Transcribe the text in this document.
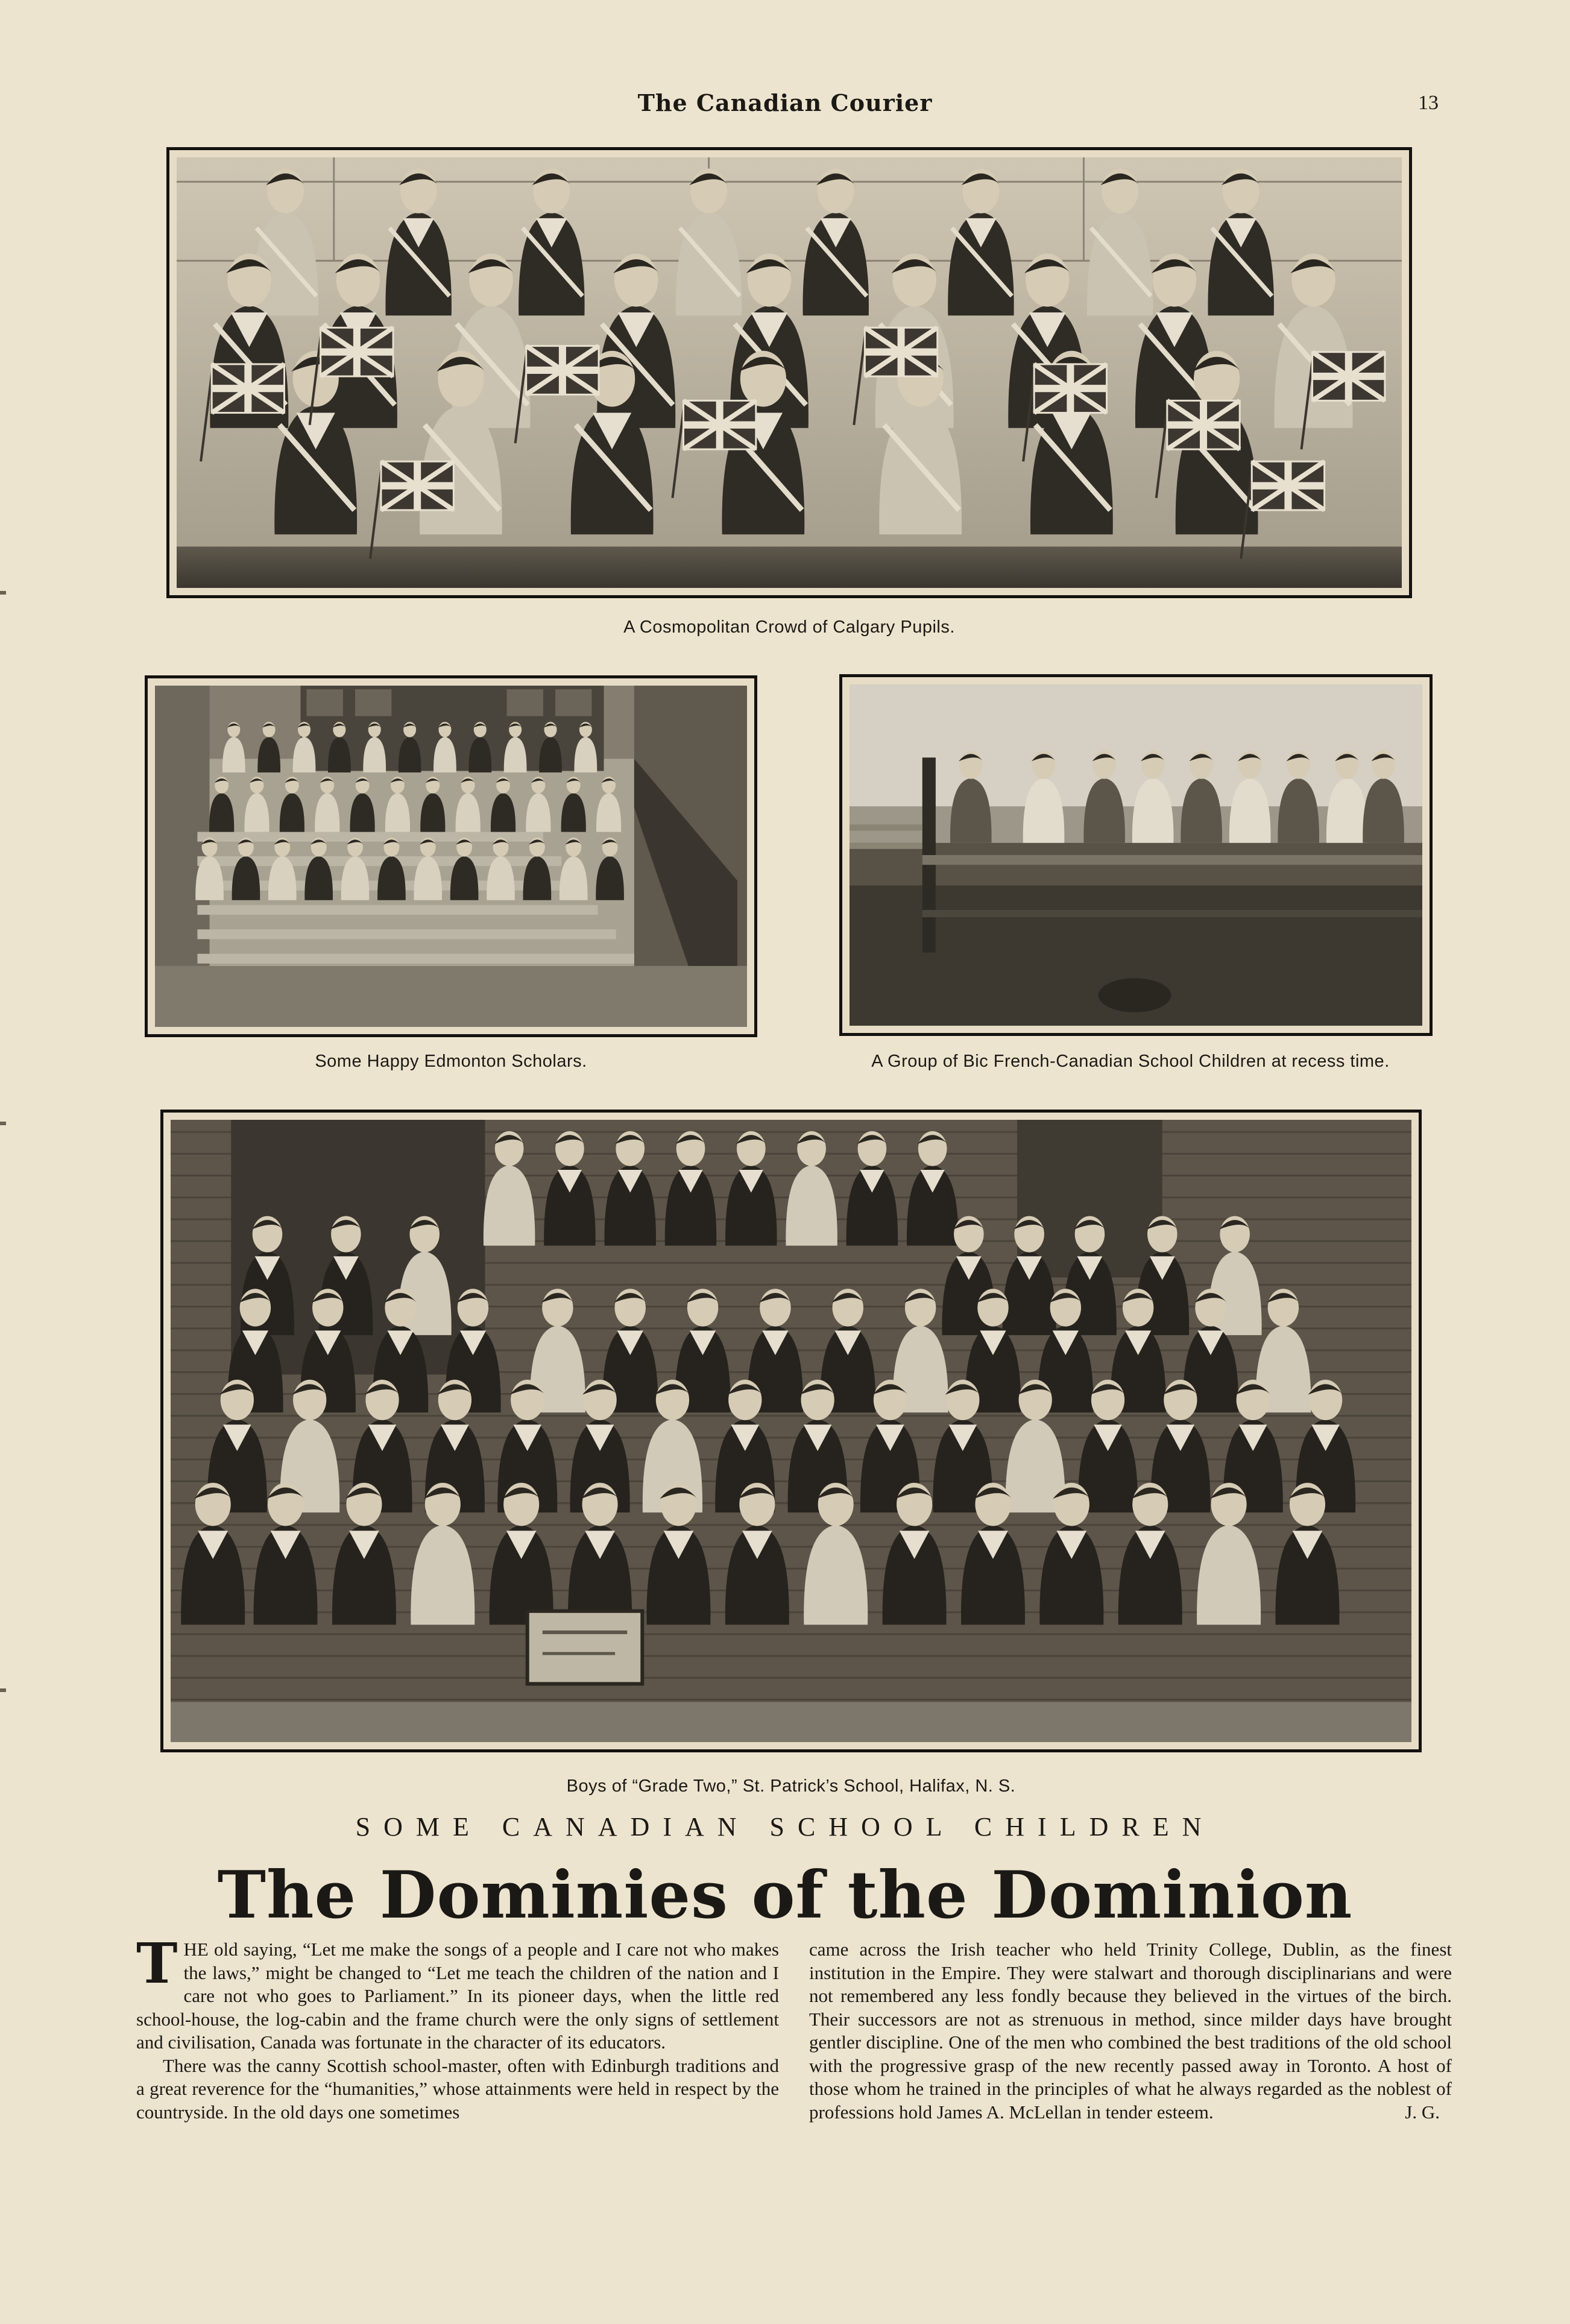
The Canadian Courier	13
A Cosmopolitan Crowd of Calgary Pupils.
Some Happy Edmonton Scholars.	A Group of Bic French-Canadian School Children at recess time.
Boys of “Grade Two,” St. Patrick’s School, Halifax, N. S.
SOME CANADIAN SCHOOL CHILDREN
The Dominies of the Dominion

THE old saying, “Let me make the songs of a people and I care not who makes the laws,” might be changed to “Let me teach the children of the nation and I care not who goes to Parliament.” In its pioneer days, when the little red school-house, the log-cabin and the frame church were the only signs of settlement and civilisation, Canada was fortunate in the character of its educators.

There was the canny Scottish school-master, often with Edinburgh traditions and a great reverence for the “humanities,” whose attainments were held in respect by the countryside. In the old days one sometimes

came across the Irish teacher who held Trinity College, Dublin, as the finest institution in the Empire. They were stalwart and thorough disciplinarians and were not remembered any less fondly because they believed in the virtues of the birch. Their successors are not as strenuous in method, since milder days have brought gentler discipline. One of the men who combined the best traditions of the old school with the progressive grasp of the new recently passed away in Toronto. A host of those whom he trained in the principles of what he always regarded as the noblest of professions hold James A. McLellan in tender esteem.	J. G.
